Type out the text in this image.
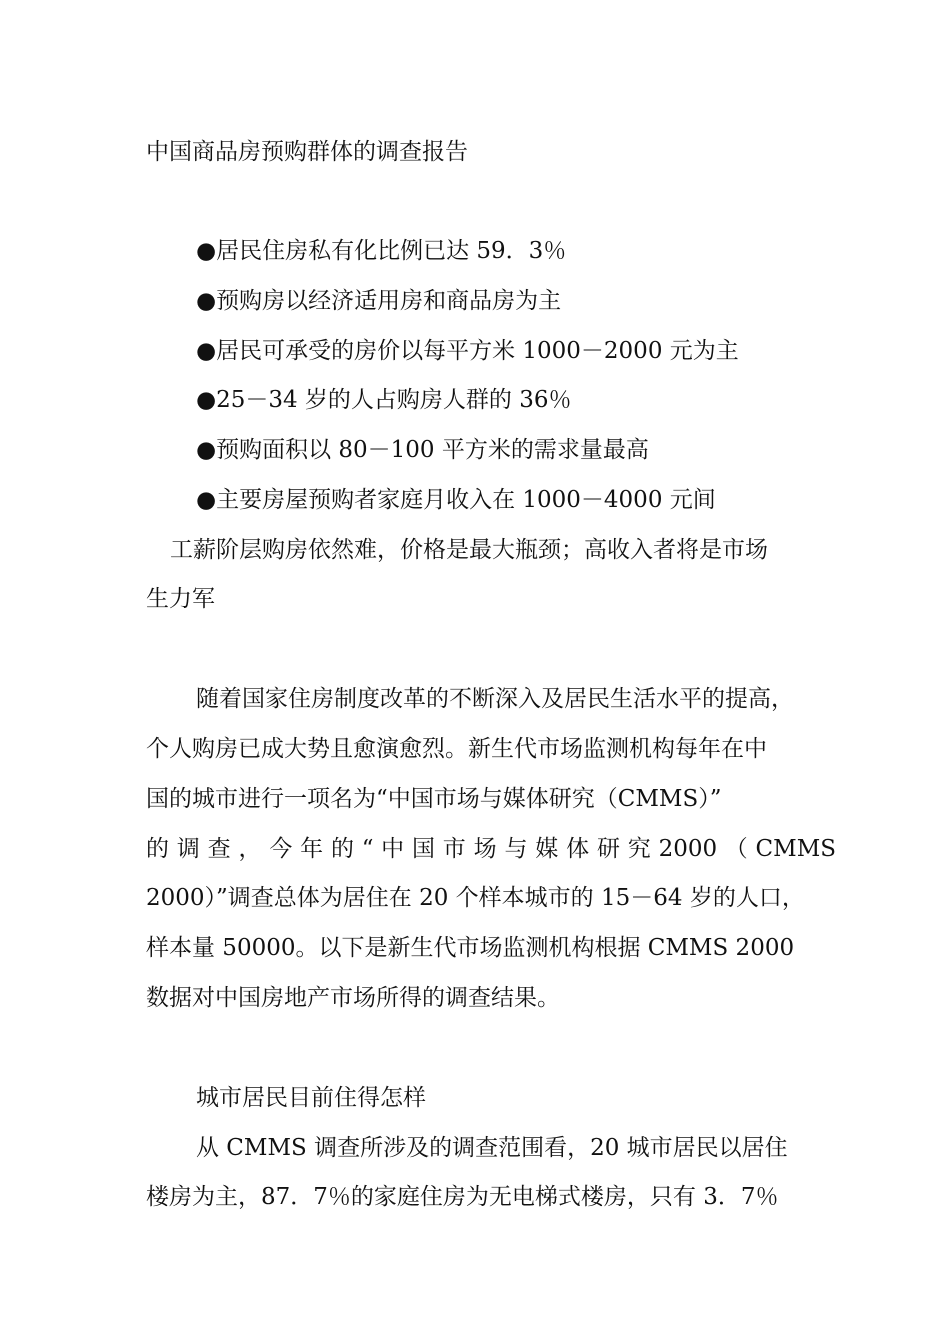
中国商品房预购群体的调查报告
●居民住房私有化比例已达 59．3％
●预购房以经济适用房和商品房为主
●居民可承受的房价以每平方米 1000－2000 元为主
●25－34 岁的人占购房人群的 36％
●预购面积以 80－100 平方米的需求量最高
●主要房屋预购者家庭月收入在 1000－4000 元间
工薪阶层购房依然难，价格是最大瓶颈；高收入者将是市场
生力军
随着国家住房制度改革的不断深入及居民生活水平的提高，
个人购房已成大势且愈演愈烈。新生代市场监测机构每年在中
国的城市进行一项名为“中国市场与媒体研究（CMMS）”
的 调 查 ， 今 年 的 “ 中 国 市 场 与 媒 体 研 究 2000 （ CMMS
2000）”调查总体为居住在 20 个样本城市的 15－64 岁的人口，
样本量 50000。以下是新生代市场监测机构根据 CMMS 2000
数据对中国房地产市场所得的调查结果。
城市居民目前住得怎样
从 CMMS 调查所涉及的调查范围看，20 城市居民以居住
楼房为主，87．7％的家庭住房为无电梯式楼房，只有 3．7％
